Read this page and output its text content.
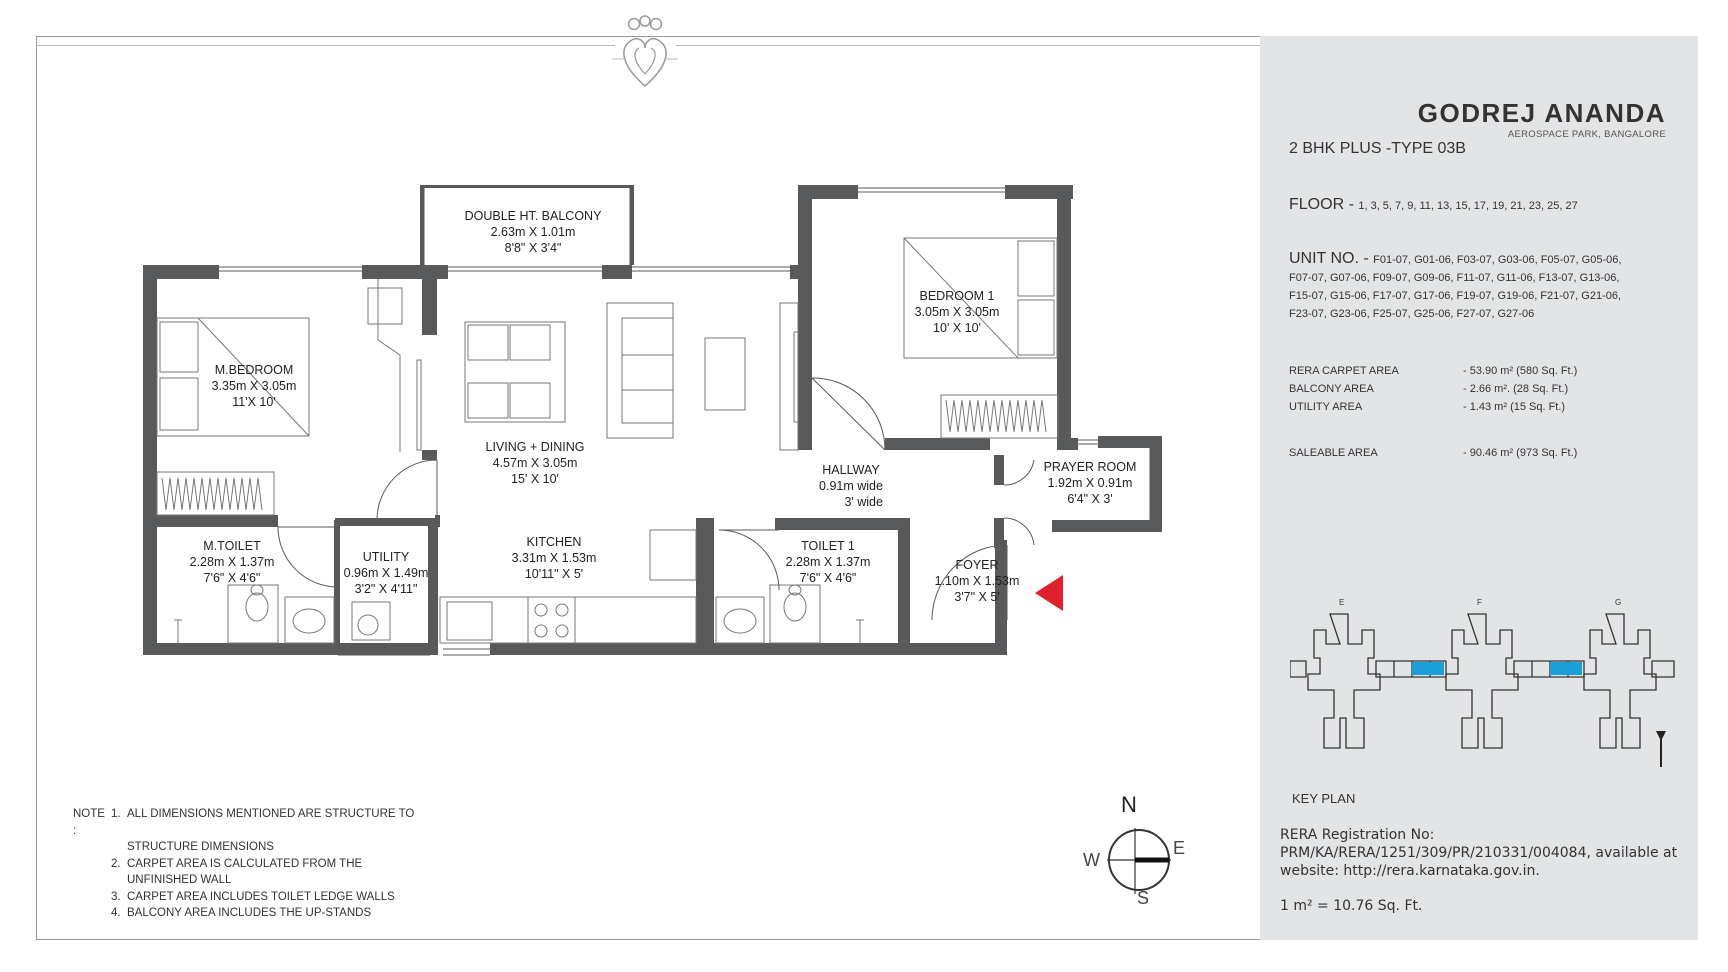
DOUBLE HT. BALCONY
2.63m X 1.01m
8'8" X 3'4"
M.BEDROOM
3.35m X 3.05m
11'X 10'
LIVING + DINING
4.57m X 3.05m
15' X 10'
BEDROOM 1
3.05m X 3.05m
10' X 10'
HALLWAY
0.91m wide
3' wide
PRAYER ROOM
1.92m X 0.91m
6'4" X 3'
KITCHEN
3.31m X 1.53m
10'11" X 5'
M.TOILET
2.28m X 1.37m
7'6" X 4'6"
UTILITY
0.96m X 1.49m
3'2" X 4'11"
TOILET 1
2.28m X 1.37m
7'6" X 4'6"
FOYER
1.10m X 1.53m
3'7" X 5'
NOTE :
1. ALL DIMENSIONS MENTIONED ARE STRUCTURE TO
STRUCTURE DIMENSIONS
2. CARPET AREA IS CALCULATED FROM THE
UNFINISHED WALL
3. CARPET AREA INCLUDES TOILET LEDGE WALLS
4. BALCONY AREA INCLUDES THE UP-STANDS
N
E
W
S
GODREJ ANANDA
AEROSPACE PARK, BANGALORE
2 BHK PLUS -TYPE 03B
FLOOR - 1, 3, 5, 7, 9, 11, 13, 15, 17, 19, 21, 23, 25, 27
UNIT NO. - F01-07, G01-06, F03-07, G03-06, F05-07, G05-06,
F07-07, G07-06, F09-07, G09-06, F11-07, G11-06, F13-07, G13-06,
F15-07, G15-06, F17-07, G17-06, F19-07, G19-06, F21-07, G21-06,
F23-07, G23-06, F25-07, G25-06, F27-07, G27-06
RERA CARPET AREA	- 53.90 m² (580 Sq. Ft.)
BALCONY AREA	- 2.66 m². (28 Sq. Ft.)
UTILITY AREA	- 1.43 m² (15 Sq. Ft.)
SALEABLE AREA	- 90.46 m² (973 Sq. Ft.)
E	F	G
KEY PLAN
RERA Registration No:
PRM/KA/RERA/1251/309/PR/210331/004084, available at
website: http://rera.karnataka.gov.in.
1 m² = 10.76 Sq. Ft.
